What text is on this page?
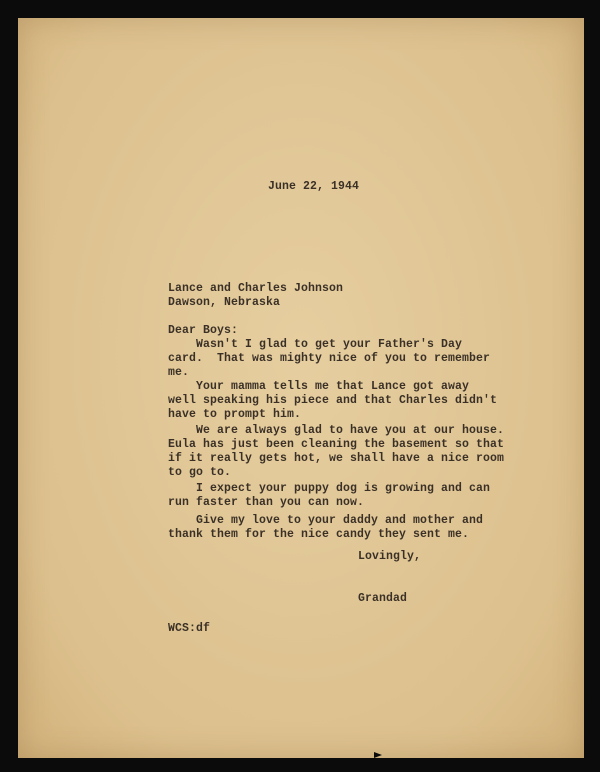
June 22, 1944
Lance and Charles Johnson
Dawson, Nebraska
Dear Boys:
Wasn't I glad to get your Father's Day
card.  That was mighty nice of you to remember
me.
Your mamma tells me that Lance got away
well speaking his piece and that Charles didn't
have to prompt him.
We are always glad to have you at our house.
Eula has just been cleaning the basement so that
if it really gets hot, we shall have a nice room
to go to.
I expect your puppy dog is growing and can
run faster than you can now.
Give my love to your daddy and mother and
thank them for the nice candy they sent me.
Lovingly,
Grandad
WCS:df
